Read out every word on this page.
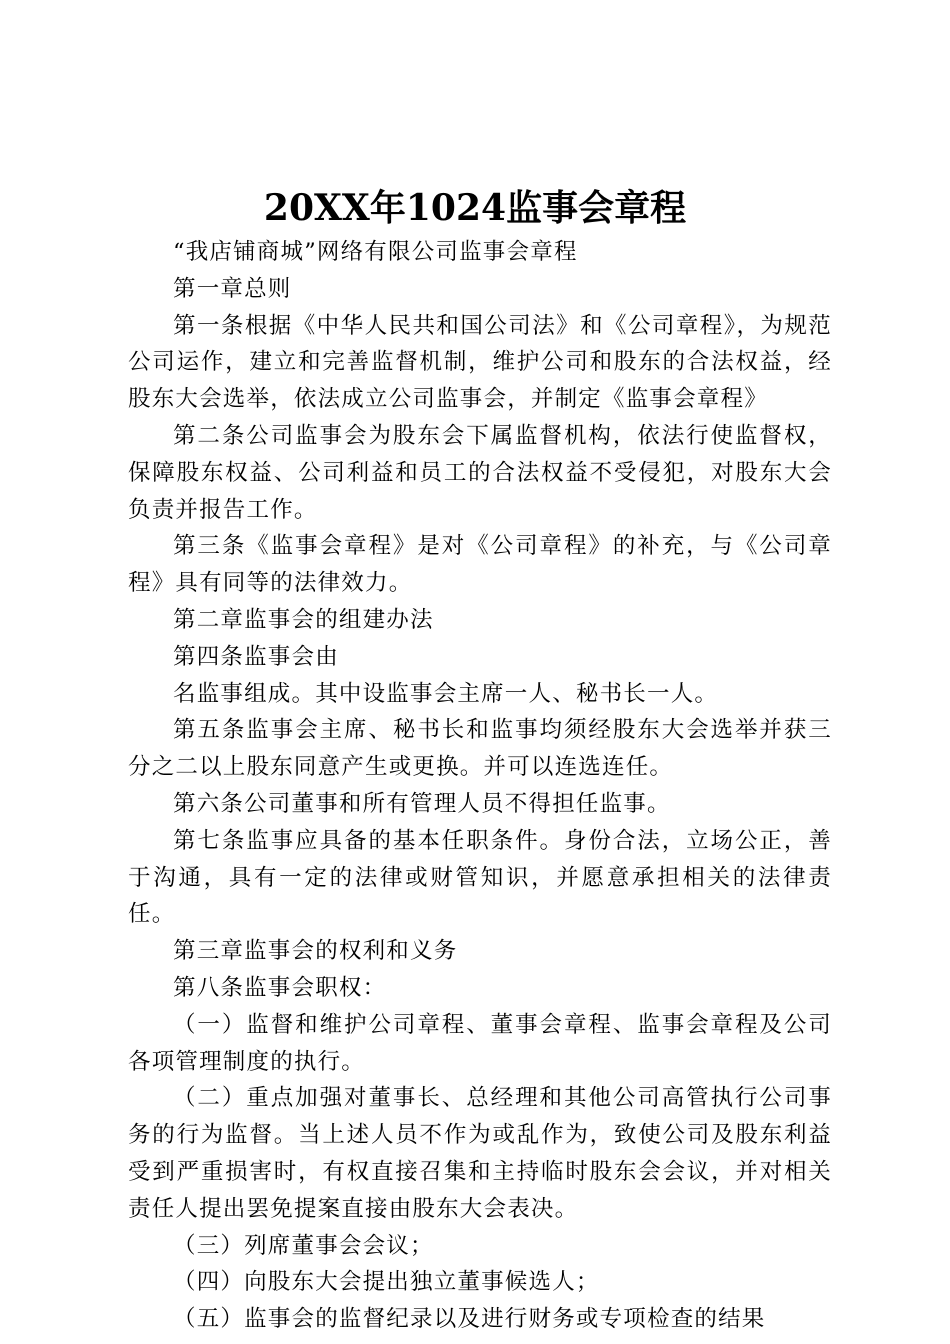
20XX年1024监事会章程

“我店铺商城”网络有限公司监事会章程

第一章总则

第一条根据《中华人民共和国公司法》和《公司章程》，为规范公司运作，建立和完善监督机制，维护公司和股东的合法权益，经股东大会选举，依法成立公司监事会，并制定《监事会章程》

第二条公司监事会为股东会下属监督机构，依法行使监督权，保障股东权益、公司利益和员工的合法权益不受侵犯，对股东大会负责并报告工作。

第三条《监事会章程》是对《公司章程》的补充，与《公司章程》具有同等的法律效力。

第二章监事会的组建办法

第四条监事会由

名监事组成。其中设监事会主席一人、秘书长一人。

第五条监事会主席、秘书长和监事均须经股东大会选举并获三分之二以上股东同意产生或更换。并可以连选连任。

第六条公司董事和所有管理人员不得担任监事。

第七条监事应具备的基本任职条件。身份合法，立场公正，善于沟通，具有一定的法律或财管知识，并愿意承担相关的法律责任。

第三章监事会的权利和义务

第八条监事会职权：

（一）监督和维护公司章程、董事会章程、监事会章程及公司各项管理制度的执行。

（二）重点加强对董事长、总经理和其他公司高管执行公司事务的行为监督。当上述人员不作为或乱作为，致使公司及股东利益受到严重损害时，有权直接召集和主持临时股东会会议，并对相关责任人提出罢免提案直接由股东大会表决。

（三）列席董事会会议；

（四）向股东大会提出独立董事候选人；

（五）监事会的监督纪录以及进行财务或专项检查的结果
